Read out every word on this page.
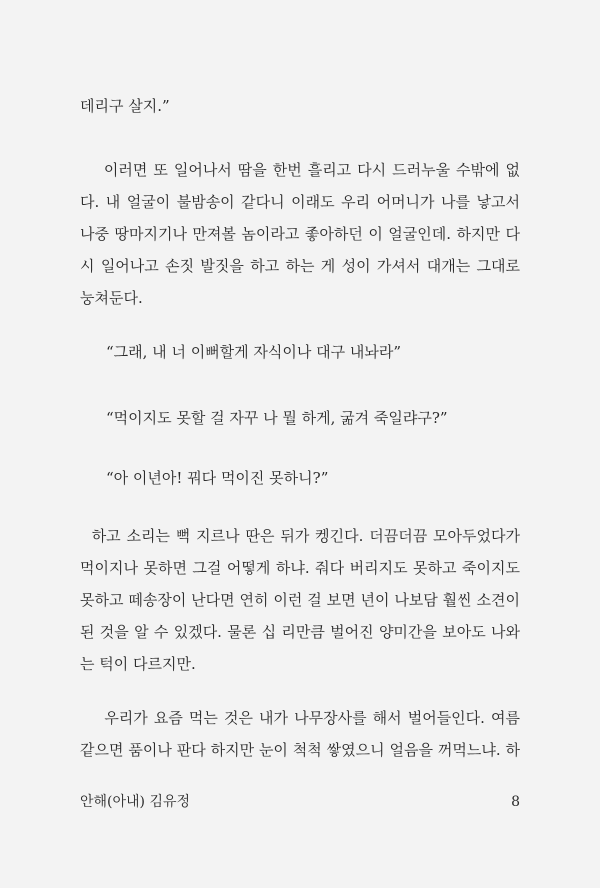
데리구 살지.”
이러면 또 일어나서 땀을 한번 흘리고 다시 드러누울 수밖에 없
다. 내 얼굴이 불밤송이 같다니 이래도 우리 어머니가 나를 낳고서
나중 땅마지기나 만져볼 놈이라고 좋아하던 이 얼굴인데. 하지만 다
시 일어나고 손짓 발짓을 하고 하는 게 성이 가셔서 대개는 그대로
눙쳐둔다.
“그래, 내 너 이뻐할게 자식이나 대구 내놔라”
“먹이지도 못할 걸 자꾸 나 뭘 하게, 굶겨 죽일랴구?”
“아 이년아! 꿔다 먹이진 못하니?”
하고 소리는 뻑 지르나 딴은 뒤가 켕긴다. 더끔더끔 모아두었다가
먹이지나 못하면 그걸 어떻게 하냐. 줘다 버리지도 못하고 죽이지도
못하고 떼송장이 난다면 연히 이런 걸 보면 년이 나보담 훨씬 소견이
된 것을 알 수 있겠다. 물론 십 리만큼 벌어진 양미간을 보아도 나와
는 턱이 다르지만.
우리가 요즘 먹는 것은 내가 나무장사를 해서 벌어들인다. 여름
같으면 품이나 판다 하지만 눈이 척척 쌓였으니 얼음을 꺼먹느냐. 하
안해(아내) 김유정	8
